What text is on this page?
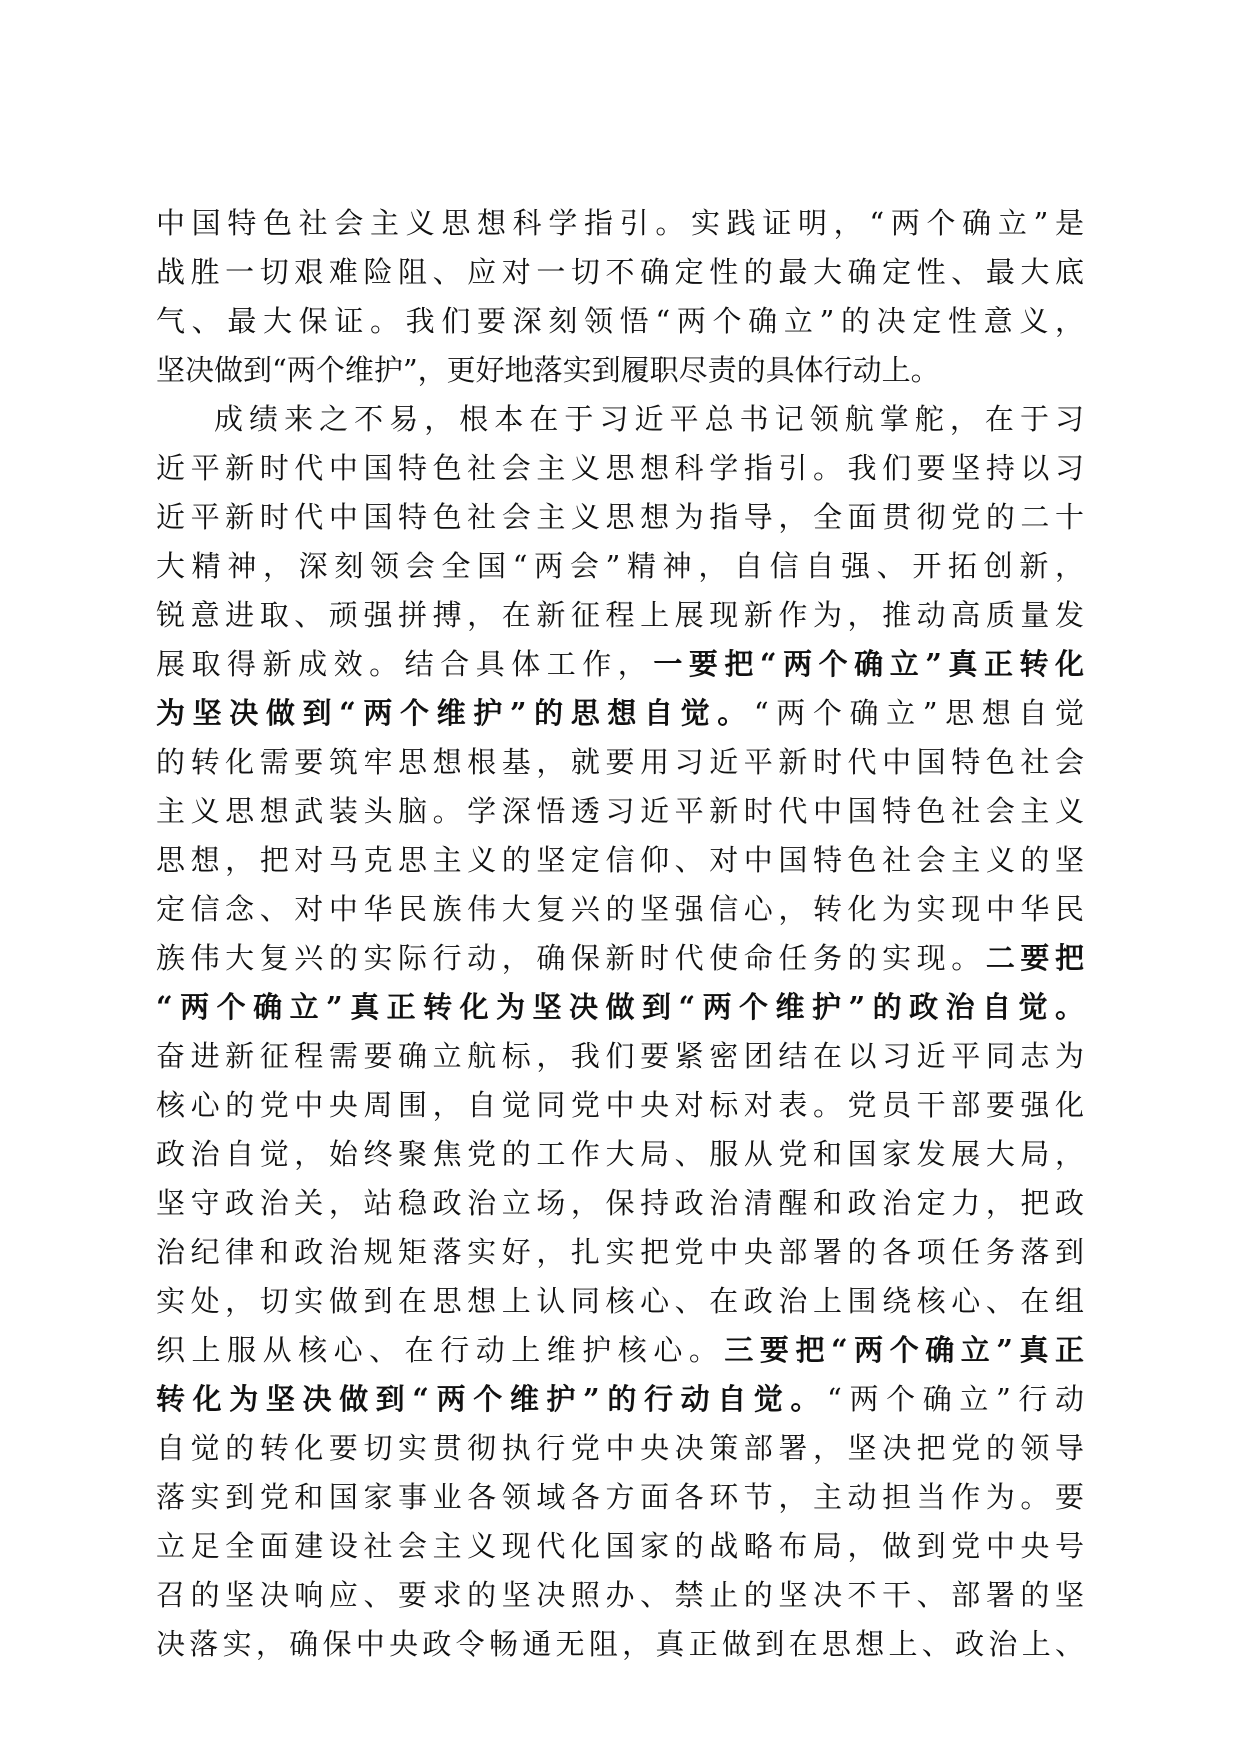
中国特色社会主义思想科学指引。实践证明，“两个确立”是
战胜一切艰难险阻、应对一切不确定性的最大确定性、最大底
气、最大保证。我们要深刻领悟“两个确立”的决定性意义，
坚决做到“两个维护”，更好地落实到履职尽责的具体行动上。
成绩来之不易，根本在于习近平总书记领航掌舵，在于习
近平新时代中国特色社会主义思想科学指引。我们要坚持以习
近平新时代中国特色社会主义思想为指导，全面贯彻党的二十
大精神，深刻领会全国“两会”精神，自信自强、开拓创新，
锐意进取、顽强拼搏，在新征程上展现新作为，推动高质量发
展取得新成效。结合具体工作，一要把“两个确立”真正转化
为坚决做到“两个维护”的思想自觉。“两个确立”思想自觉
的转化需要筑牢思想根基，就要用习近平新时代中国特色社会
主义思想武装头脑。学深悟透习近平新时代中国特色社会主义
思想，把对马克思主义的坚定信仰、对中国特色社会主义的坚
定信念、对中华民族伟大复兴的坚强信心，转化为实现中华民
族伟大复兴的实际行动，确保新时代使命任务的实现。二要把
“两个确立”真正转化为坚决做到“两个维护”的政治自觉。
奋进新征程需要确立航标，我们要紧密团结在以习近平同志为
核心的党中央周围，自觉同党中央对标对表。党员干部要强化
政治自觉，始终聚焦党的工作大局、服从党和国家发展大局，
坚守政治关，站稳政治立场，保持政治清醒和政治定力，把政
治纪律和政治规矩落实好，扎实把党中央部署的各项任务落到
实处，切实做到在思想上认同核心、在政治上围绕核心、在组
织上服从核心、在行动上维护核心。三要把“两个确立”真正
转化为坚决做到“两个维护”的行动自觉。“两个确立”行动
自觉的转化要切实贯彻执行党中央决策部署，坚决把党的领导
落实到党和国家事业各领域各方面各环节，主动担当作为。要
立足全面建设社会主义现代化国家的战略布局，做到党中央号
召的坚决响应、要求的坚决照办、禁止的坚决不干、部署的坚
决落实，确保中央政令畅通无阻，真正做到在思想上、政治上、
